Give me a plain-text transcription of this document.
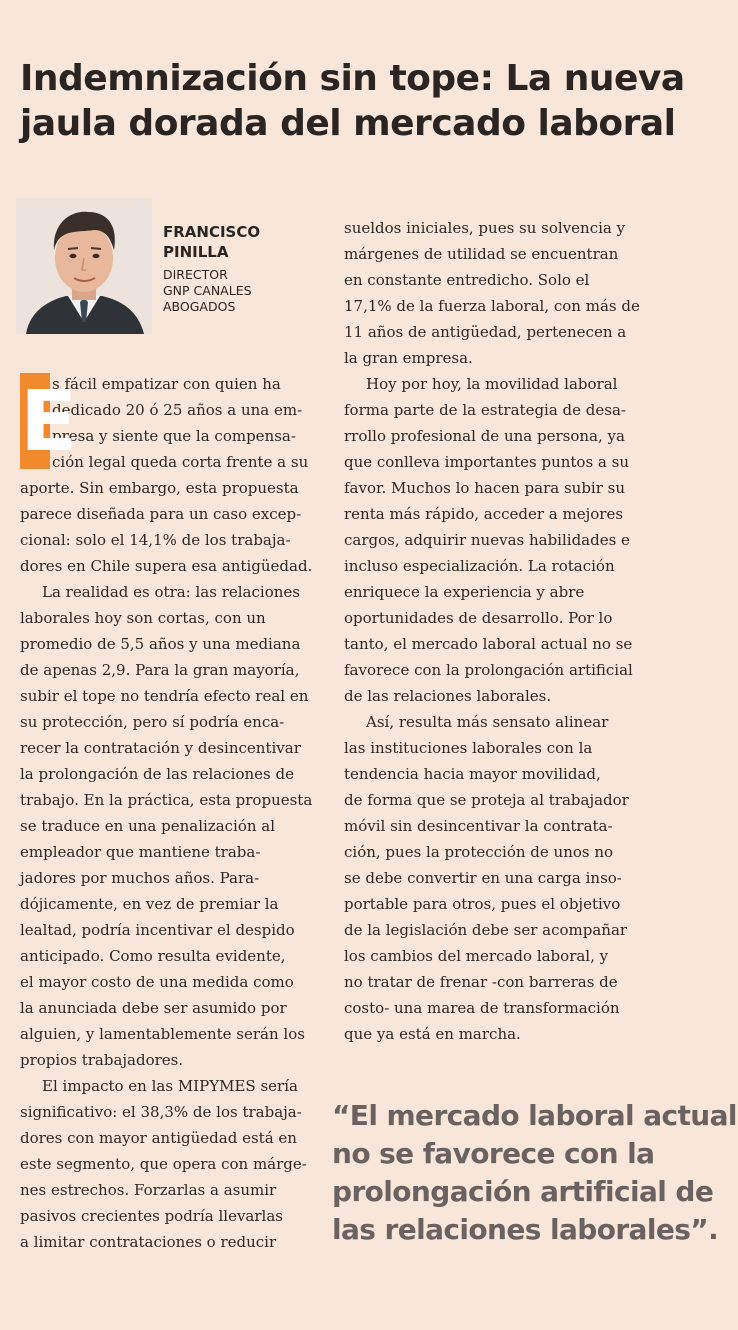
Indemnización sin tope: La nueva
jaula dorada del mercado laboral
FRANCISCO
PINILLA
DIRECTOR
GNP CANALES
ABOGADOS

E
s fácil empatizar con quien ha
dedicado 20 ó 25 años a una em-
presa y siente que la compensa-
ción legal queda corta frente a su

aporte. Sin embargo, esta propuesta
parece diseñada para un caso excep-
cional: solo el 14,1% de los trabaja-
dores en Chile supera esa antigüedad.

La realidad es otra: las relaciones
laborales hoy son cortas, con un
promedio de 5,5 años y una mediana
de apenas 2,9. Para la gran mayoría,
subir el tope no tendría efecto real en
su protección, pero sí podría enca-
recer la contratación y desincentivar
la prolongación de las relaciones de
trabajo. En la práctica, esta propuesta
se traduce en una penalización al
empleador que mantiene traba-
jadores por muchos años. Para-
dójicamente, en vez de premiar la
lealtad, podría incentivar el despido
anticipado. Como resulta evidente,
el mayor costo de una medida como
la anunciada debe ser asumido por
alguien, y lamentablemente serán los
propios trabajadores.

El impacto en las MIPYMES sería
significativo: el 38,3% de los trabaja-
dores con mayor antigüedad está en
este segmento, que opera con márge-
nes estrechos. Forzarlas a asumir
pasivos crecientes podría llevarlas
a limitar contrataciones o reducir

sueldos iniciales, pues su solvencia y
márgenes de utilidad se encuentran
en constante entredicho. Solo el
17,1% de la fuerza laboral, con más de
11 años de antigüedad, pertenecen a
la gran empresa.

Hoy por hoy, la movilidad laboral
forma parte de la estrategia de desa-
rrollo profesional de una persona, ya
que conlleva importantes puntos a su
favor. Muchos lo hacen para subir su
renta más rápido, acceder a mejores
cargos, adquirir nuevas habilidades e
incluso especialización. La rotación
enriquece la experiencia y abre
oportunidades de desarrollo. Por lo
tanto, el mercado laboral actual no se
favorece con la prolongación artificial
de las relaciones laborales.

Así, resulta más sensato alinear
las instituciones laborales con la
tendencia hacia mayor movilidad,
de forma que se proteja al trabajador
móvil sin desincentivar la contrata-
ción, pues la protección de unos no
se debe convertir en una carga inso-
portable para otros, pues el objetivo
de la legislación debe ser acompañar
los cambios del mercado laboral, y
no tratar de frenar -con barreras de
costo- una marea de transformación
que ya está en marcha.

“El mercado laboral actual
no se favorece con la
prolongación artificial de
las relaciones laborales”.
